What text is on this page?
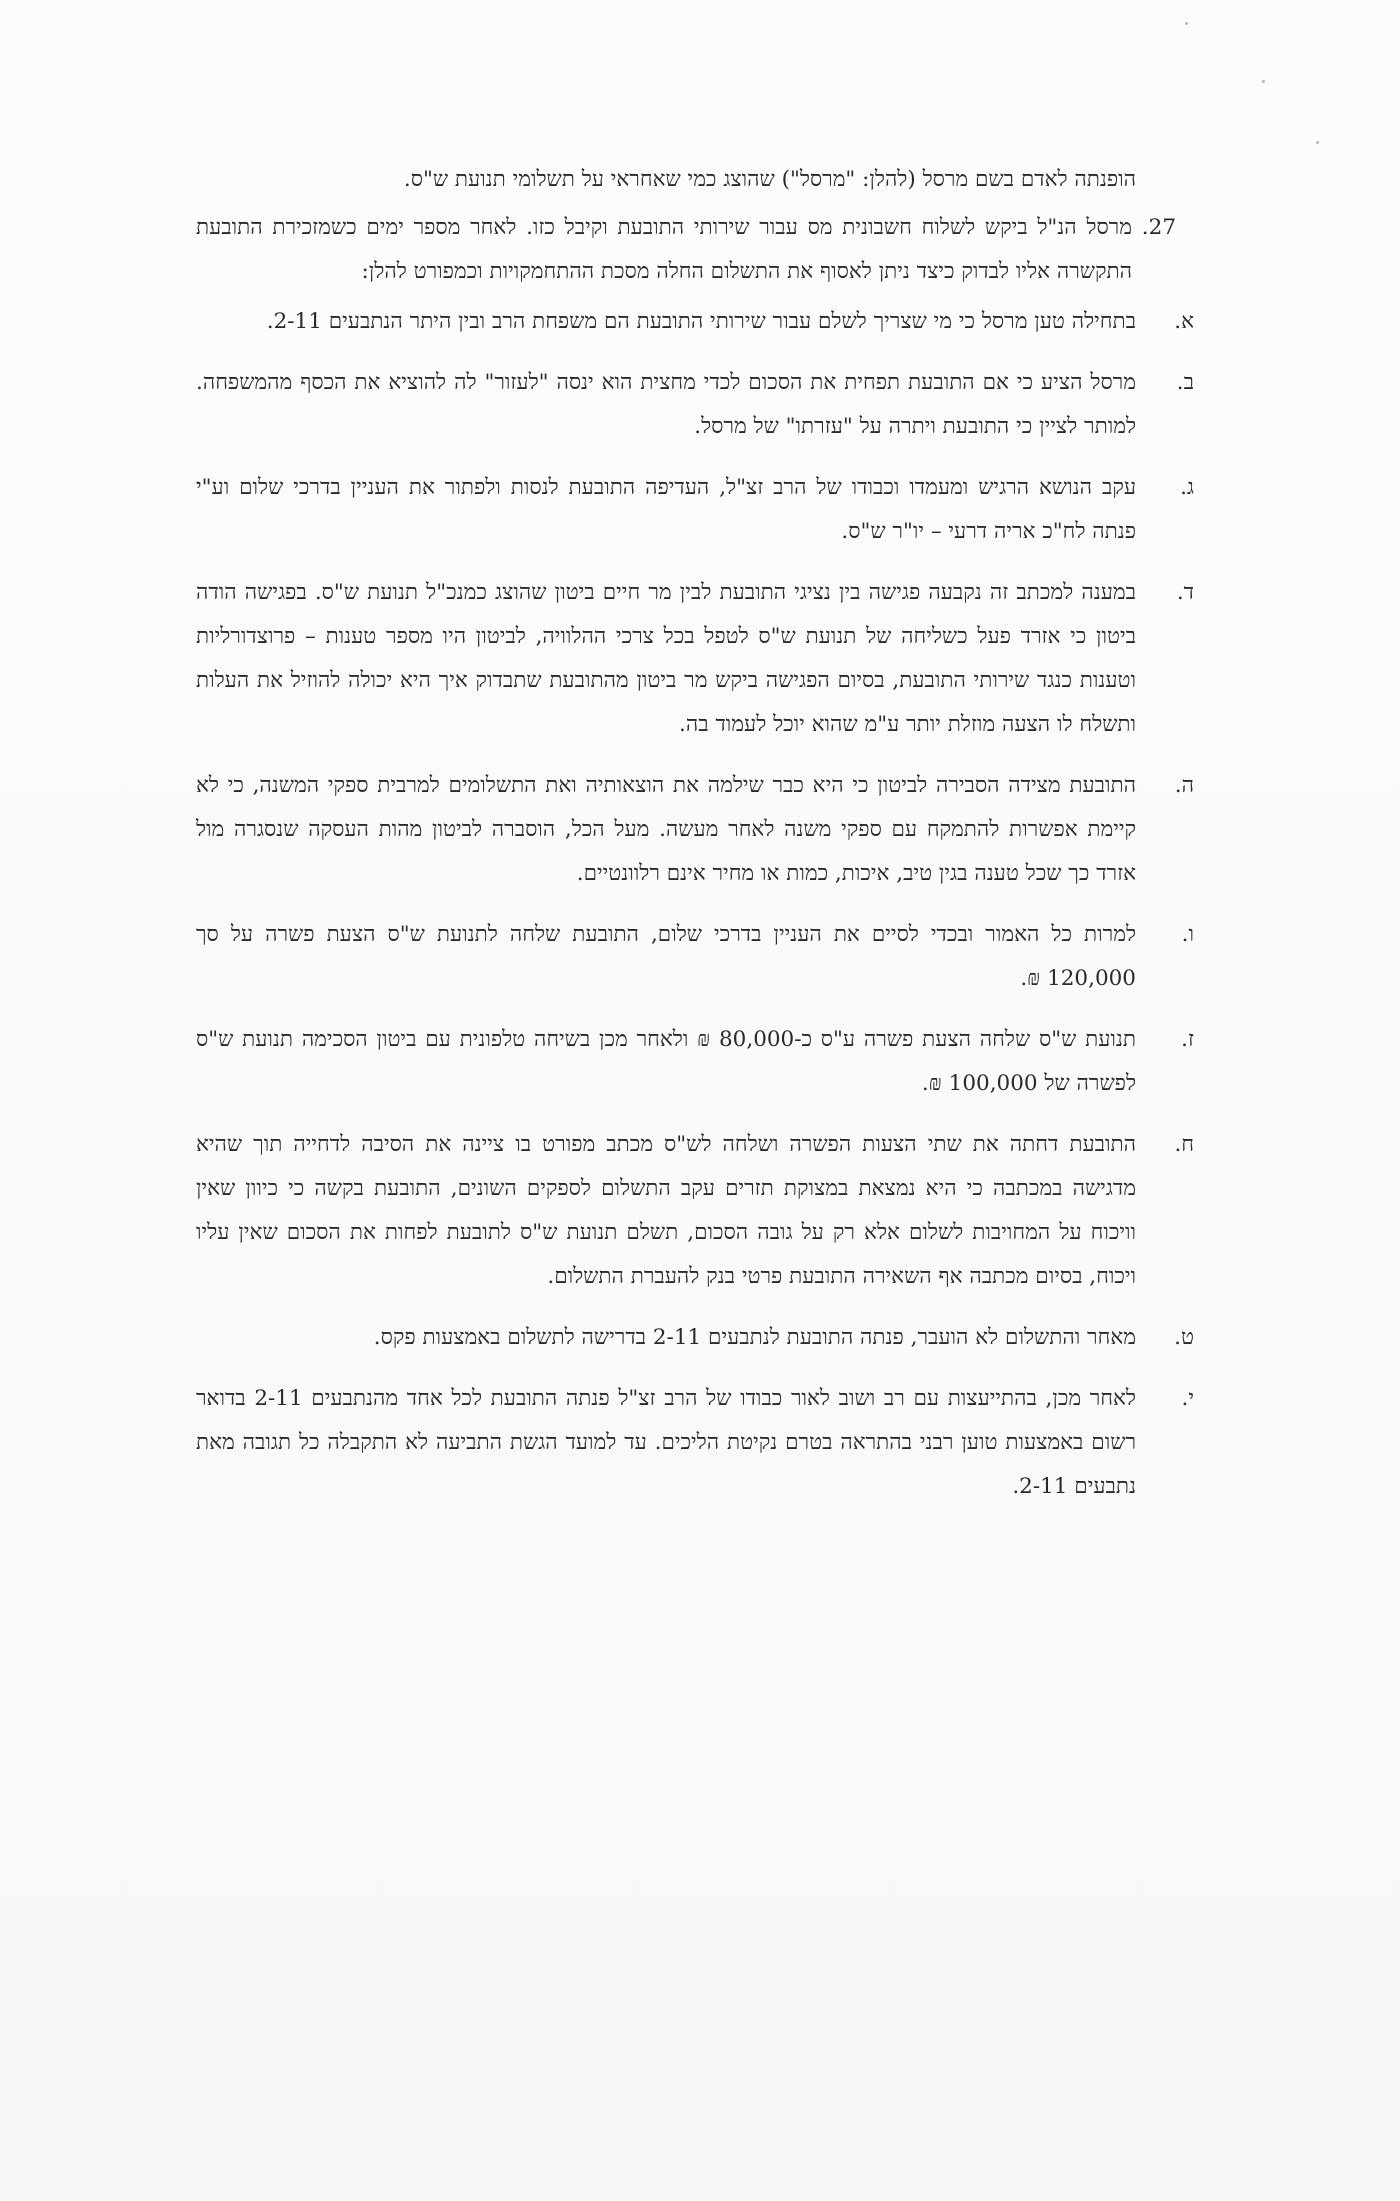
הופנתה לאדם בשם מרסל (להלן: "מרסל") שהוצג כמי שאחראי על תשלומי תנועת ש"ס.

27.
מרסל הנ"ל ביקש לשלוח חשבונית מס עבור שירותי התובעת וקיבל כזו. לאחר מספר ימים כשמזכירת התובעת התקשרה אליו לבדוק כיצד ניתן לאסוף את התשלום החלה מסכת ההתחמקויות וכמפורט להלן:
א.
בתחילה טען מרסל כי מי שצריך לשלם עבור שירותי התובעת הם משפחת הרב ובין היתר הנתבעים 2-11.
ב.
מרסל הציע כי אם התובעת תפחית את הסכום לכדי מחצית הוא ינסה "לעזור" לה להוציא את הכסף מהמשפחה. למותר לציין כי התובעת ויתרה על "עזרתו" של מרסל.
ג.
עקב הנושא הרגיש ומעמדו וכבודו של הרב זצ"ל, העדיפה התובעת לנסות ולפתור את העניין בדרכי שלום וע"י פנתה לח"כ אריה דרעי – יו"ר ש"ס.
ד.
במענה למכתב זה נקבעה פגישה בין נציגי התובעת לבין מר חיים ביטון שהוצג כמנכ"ל תנועת ש"ס. בפגישה הודה ביטון כי אזרד פעל כשליחה של תנועת ש"ס לטפל בכל צרכי ההלוויה, לביטון היו מספר טענות – פרוצדורליות וטענות כנגד שירותי התובעת, בסיום הפגישה ביקש מר ביטון מהתובעת שתבדוק איך היא יכולה להוזיל את העלות ותשלח לו הצעה מוזלת יותר ע"מ שהוא יוכל לעמוד בה.
ה.
התובעת מצידה הסבירה לביטון כי היא כבר שילמה את הוצאותיה ואת התשלומים למרבית ספקי המשנה, כי לא קיימת אפשרות להתמקח עם ספקי משנה לאחר מעשה. מעל הכל, הוסברה לביטון מהות העסקה שנסגרה מול אזרד כך שכל טענה בגין טיב, איכות, כמות או מחיר אינם רלוונטיים.
ו.
למרות כל האמור ובכדי לסיים את העניין בדרכי שלום, התובעת שלחה לתנועת ש"ס הצעת פשרה על סך 120,000 ₪.
ז.
תנועת ש"ס שלחה הצעת פשרה ע"ס כ-80,000 ₪ ולאחר מכן בשיחה טלפונית עם ביטון הסכימה תנועת ש"ס לפשרה של 100,000 ₪.
ח.
התובעת דחתה את שתי הצעות הפשרה ושלחה לש"ס מכתב מפורט בו ציינה את הסיבה לדחייה תוך שהיא מדגישה במכתבה כי היא נמצאת במצוקת תזרים עקב התשלום לספקים השונים, התובעת בקשה כי כיוון שאין וויכוח על המחויבות לשלום אלא רק על גובה הסכום, תשלם תנועת ש"ס לתובעת לפחות את הסכום שאין עליו ויכוח, בסיום מכתבה אף השאירה התובעת פרטי בנק להעברת התשלום.
ט.
מאחר והתשלום לא הועבר, פנתה התובעת לנתבעים 2-11 בדרישה לתשלום באמצעות פקס.
י.
לאחר מכן, בהתייעצות עם רב ושוב לאור כבודו של הרב זצ"ל פנתה התובעת לכל אחד מהנתבעים 2-11 בדואר רשום באמצעות טוען רבני בהתראה בטרם נקיטת הליכים. עד למועד הגשת התביעה לא התקבלה כל תגובה מאת נתבעים 2-11.
